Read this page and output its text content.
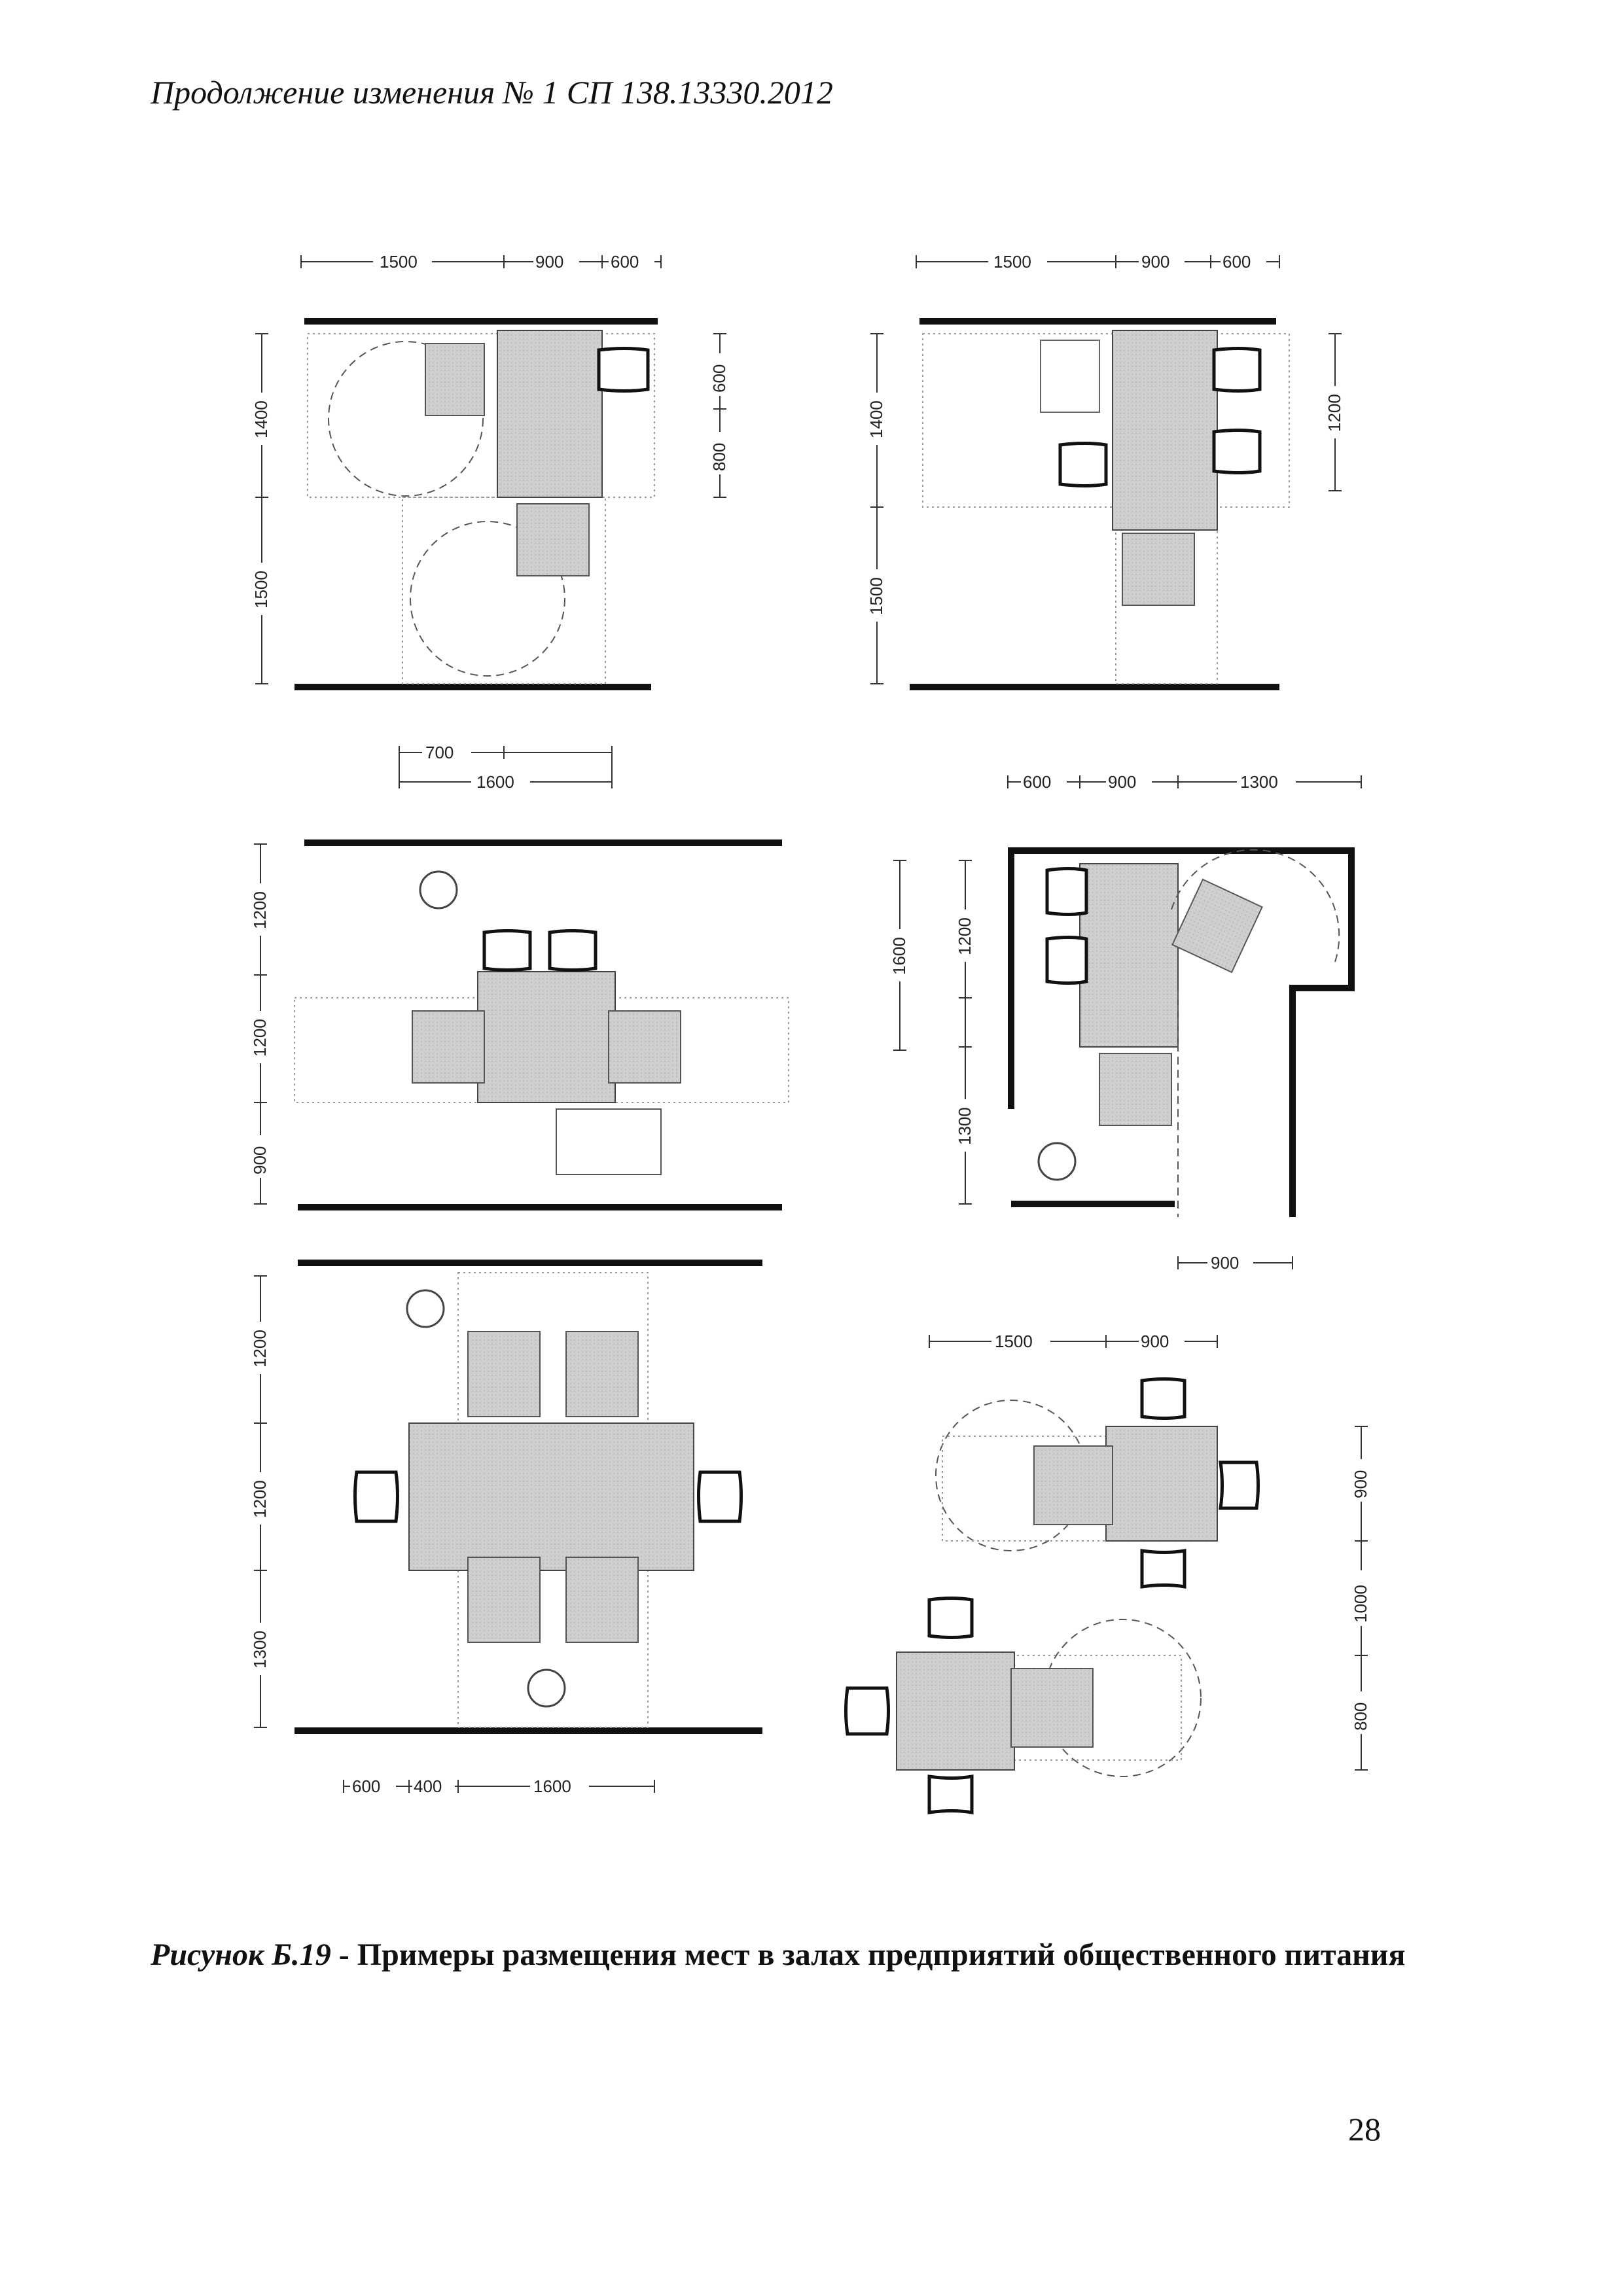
Продолжение изменения № 1 СП 138.13330.2012
1500	900	600
1400
1500
600
800
700
1600
1500	900	600
1400
1500
1200
1200
1200
900
600	900	1300
1600
1200
1300
900
1200
1200
1300
600 400	1600
1500	900
900
1000
800
Рисунок Б.19 - Примеры размещения мест в залах предприятий общественного питания
28
